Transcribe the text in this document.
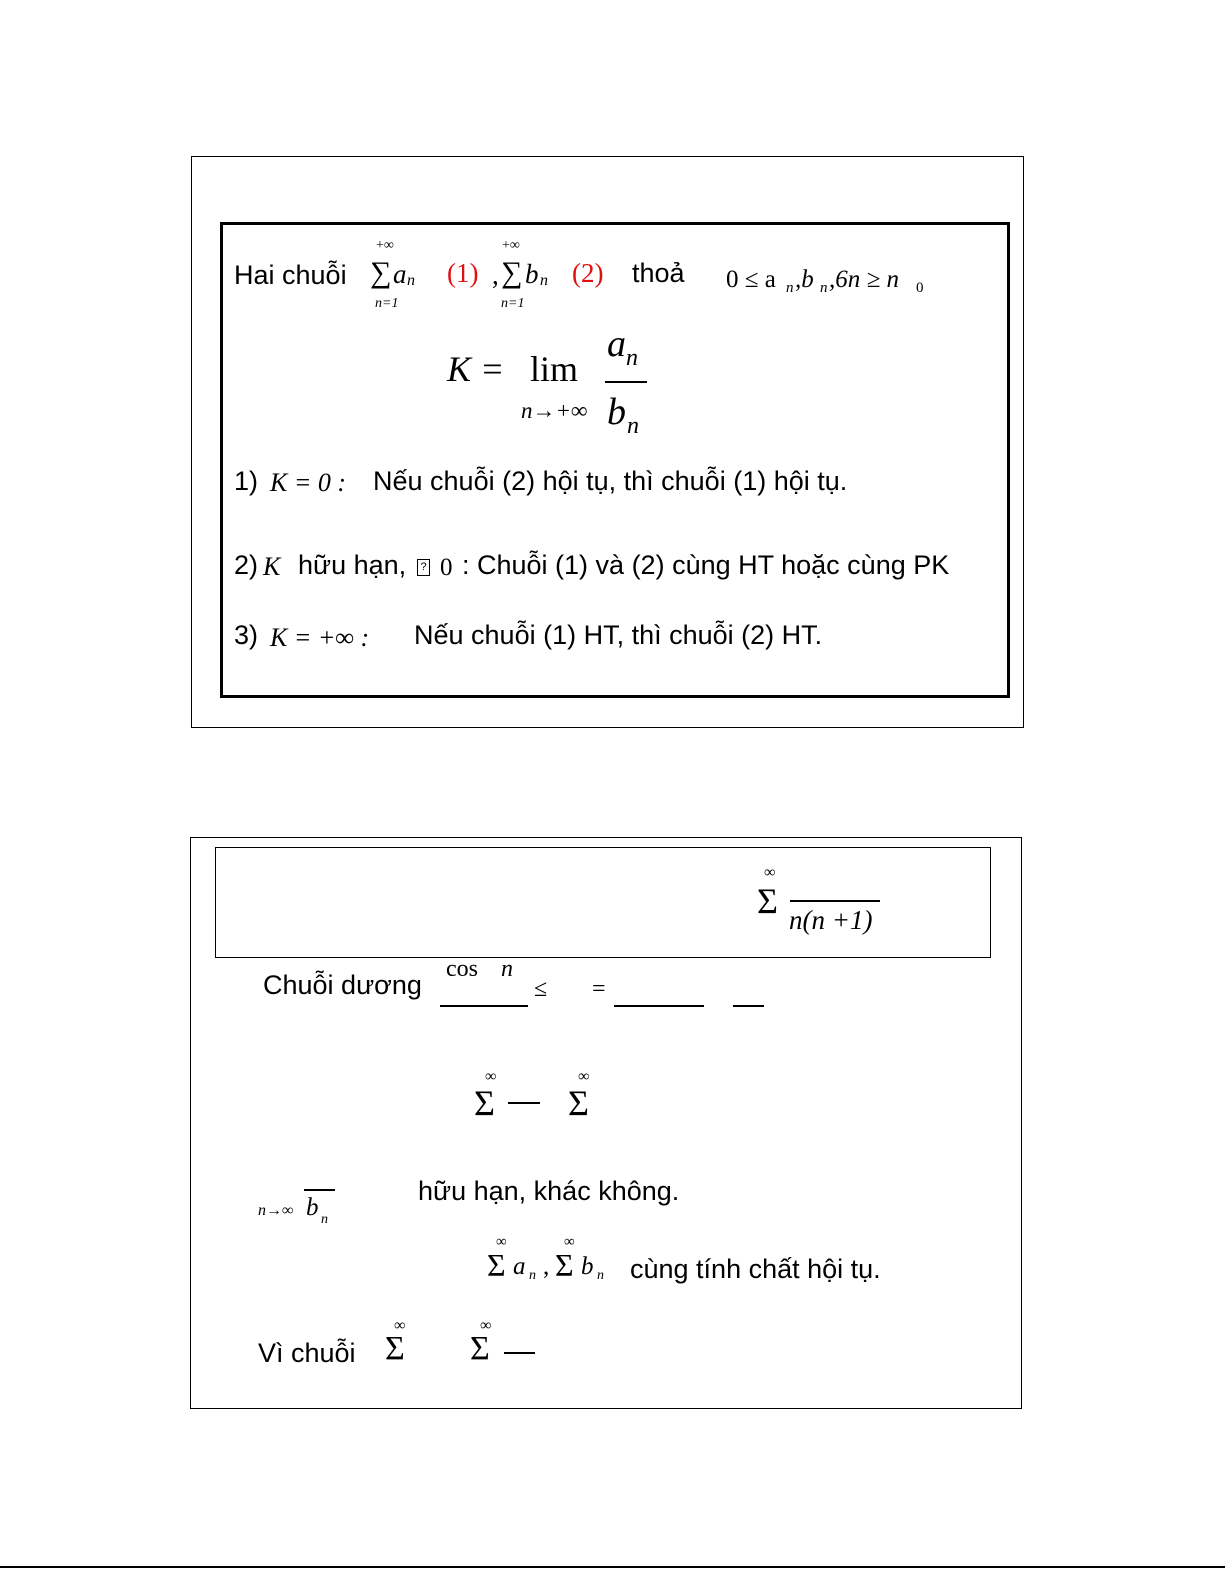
Hai chuỗi
+∞
∑
n=1
a n (1) ,
+∞
∑
n=1
b n (2) thoả 0 ≤ a n ,b n ,6n ≥ n 0
K = lim
n→+∞
a n
b n
1) K = 0 : Nếu chuỗi (2) hội tụ, thì chuỗi (1) hội tụ.
2) K hữu hạn,	? 0 : Chuỗi (1) và (2) cùng HT hoặc cùng PK
3) K = +∞ : Nếu chuỗi (1) HT, thì chuỗi (2) HT.
∞
Σ n(n +1)
Chuỗi dương
cos n
≤ =
∞
Σ
∞
Σ
n→∞ b n
hữu hạn, khác không.
∞
Σ a n ,
∞
Σ b n cùng tính chất hội tụ.
Vì chuỗi
∞
Σ
∞
Σ
